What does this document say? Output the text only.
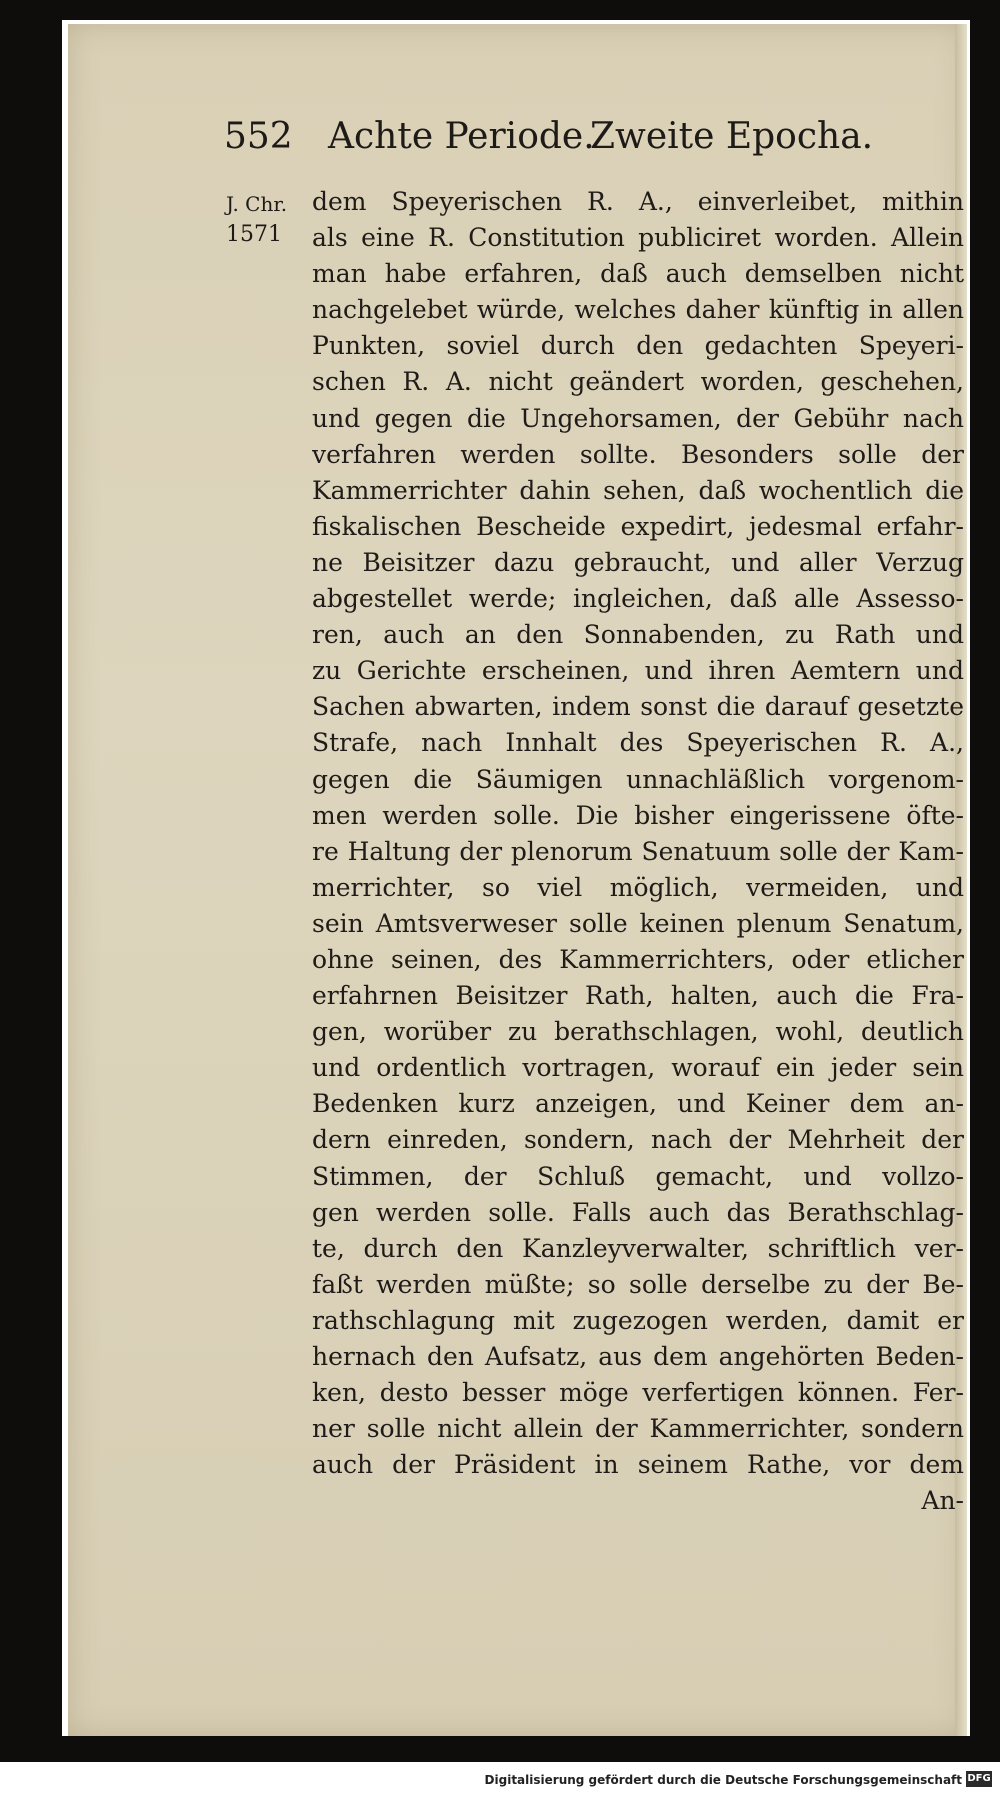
552 Achte Periode.
Zweite Epocha.
J. Chr.
1571
dem Speyerischen R. A., einverleibet, mithin
als eine R. Constitution publiciret worden. Allein
man habe erfahren, daß auch demselben nicht
nachgelebet würde, welches daher künftig in allen
Punkten, soviel durch den gedachten Speyeri-
schen R. A. nicht geändert worden, geschehen,
und gegen die Ungehorsamen, der Gebühr nach
verfahren werden sollte. Besonders solle der
Kammerrichter dahin sehen, daß wochentlich die
fiskalischen Bescheide expedirt, jedesmal erfahr-
ne Beisitzer dazu gebraucht, und aller Verzug
abgestellet werde; ingleichen, daß alle Assesso-
ren, auch an den Sonnabenden, zu Rath und
zu Gerichte erscheinen, und ihren Aemtern und
Sachen abwarten, indem sonst die darauf gesetzte
Strafe, nach Innhalt des Speyerischen R. A.,
gegen die Säumigen unnachläßlich vorgenom-
men werden solle. Die bisher eingerissene öfte-
re Haltung der plenorum Senatuum solle der Kam-
merrichter, so viel möglich, vermeiden, und
sein Amtsverweser solle keinen plenum Senatum,
ohne seinen, des Kammerrichters, oder etlicher
erfahrnen Beisitzer Rath, halten, auch die Fra-
gen, worüber zu berathschlagen, wohl, deutlich
und ordentlich vortragen, worauf ein jeder sein
Bedenken kurz anzeigen, und Keiner dem an-
dern einreden, sondern, nach der Mehrheit der
Stimmen, der Schluß gemacht, und vollzo-
gen werden solle. Falls auch das Berathschlag-
te, durch den Kanzleyverwalter, schriftlich ver-
faßt werden müßte; so solle derselbe zu der Be-
rathschlagung mit zugezogen werden, damit er
hernach den Aufsatz, aus dem angehörten Beden-
ken, desto besser möge verfertigen können. Fer-
ner solle nicht allein der Kammerrichter, sondern
auch der Präsident in seinem Rathe, vor dem
An-
Digitalisierung gefördert durch die Deutsche Forschungsgemeinschaft DFG
